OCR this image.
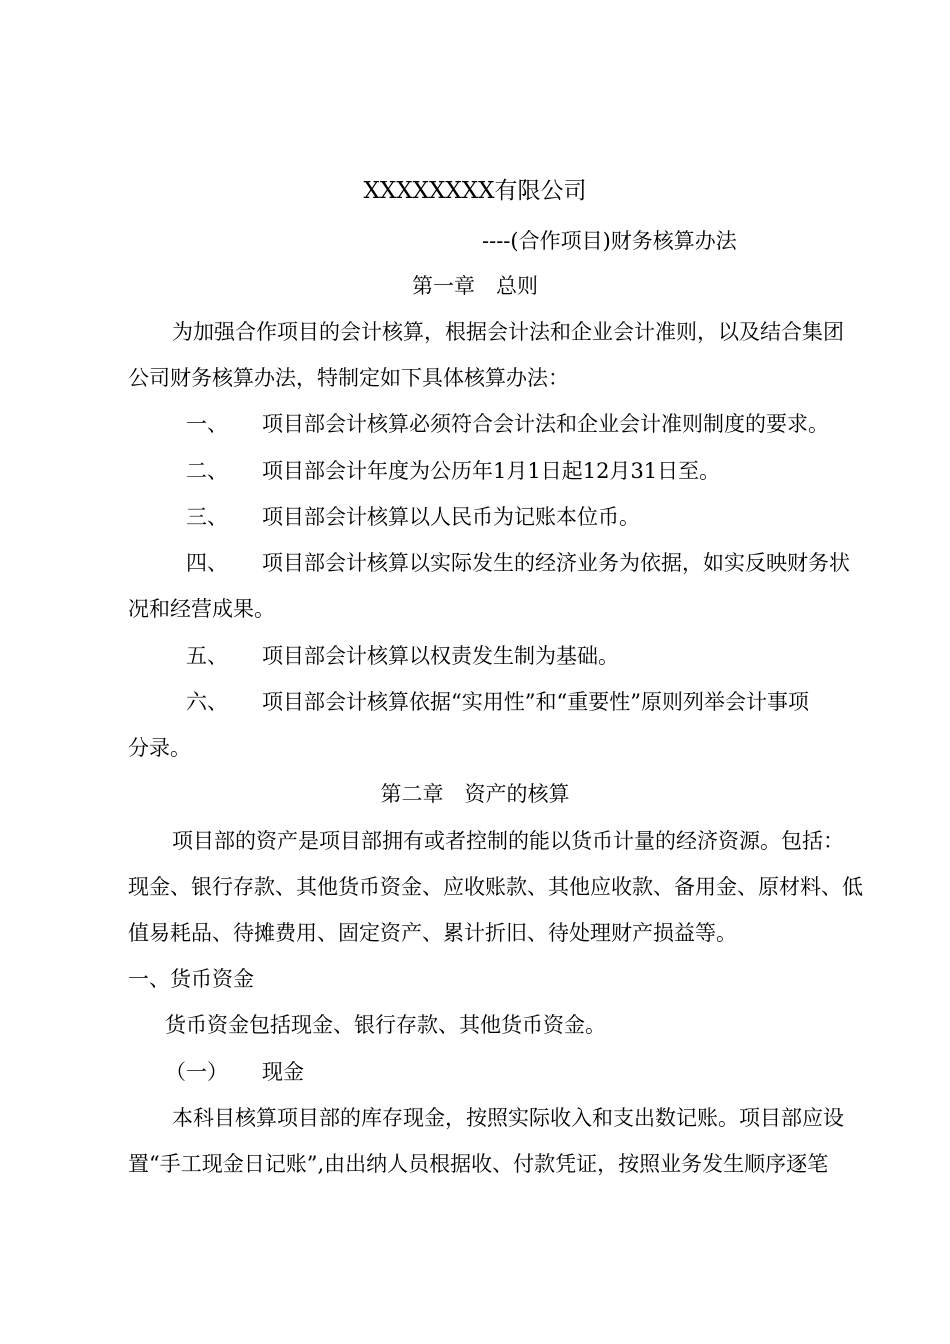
XXXXXXXX有限公司
----(合作项目)财务核算办法
第一章　总则
为加强合作项目的会计核算，根据会计法和企业会计准则，以及结合集团
公司财务核算办法，特制定如下具体核算办法：
一、 项目部会计核算必须符合会计法和企业会计准则制度的要求。
二、 项目部会计年度为公历年1月1日起12月31日至。
三、 项目部会计核算以人民币为记账本位币。
四、 项目部会计核算以实际发生的经济业务为依据，如实反映财务状
况和经营成果。
五、 项目部会计核算以权责发生制为基础。
六、 项目部会计核算依据“实用性”和“重要性”原则列举会计事项
分录。
第二章　资产的核算
项目部的资产是项目部拥有或者控制的能以货币计量的经济资源。包括：
现金、银行存款、其他货币资金、应收账款、其他应收款、备用金、原材料、低
值易耗品、待摊费用、固定资产、累计折旧、待处理财产损益等。
一、货币资金
货币资金包括现金、银行存款、其他货币资金。
（一） 现金
本科目核算项目部的库存现金，按照实际收入和支出数记账。项目部应设
置“手工现金日记账”,由出纳人员根据收、付款凭证，按照业务发生顺序逐笔
